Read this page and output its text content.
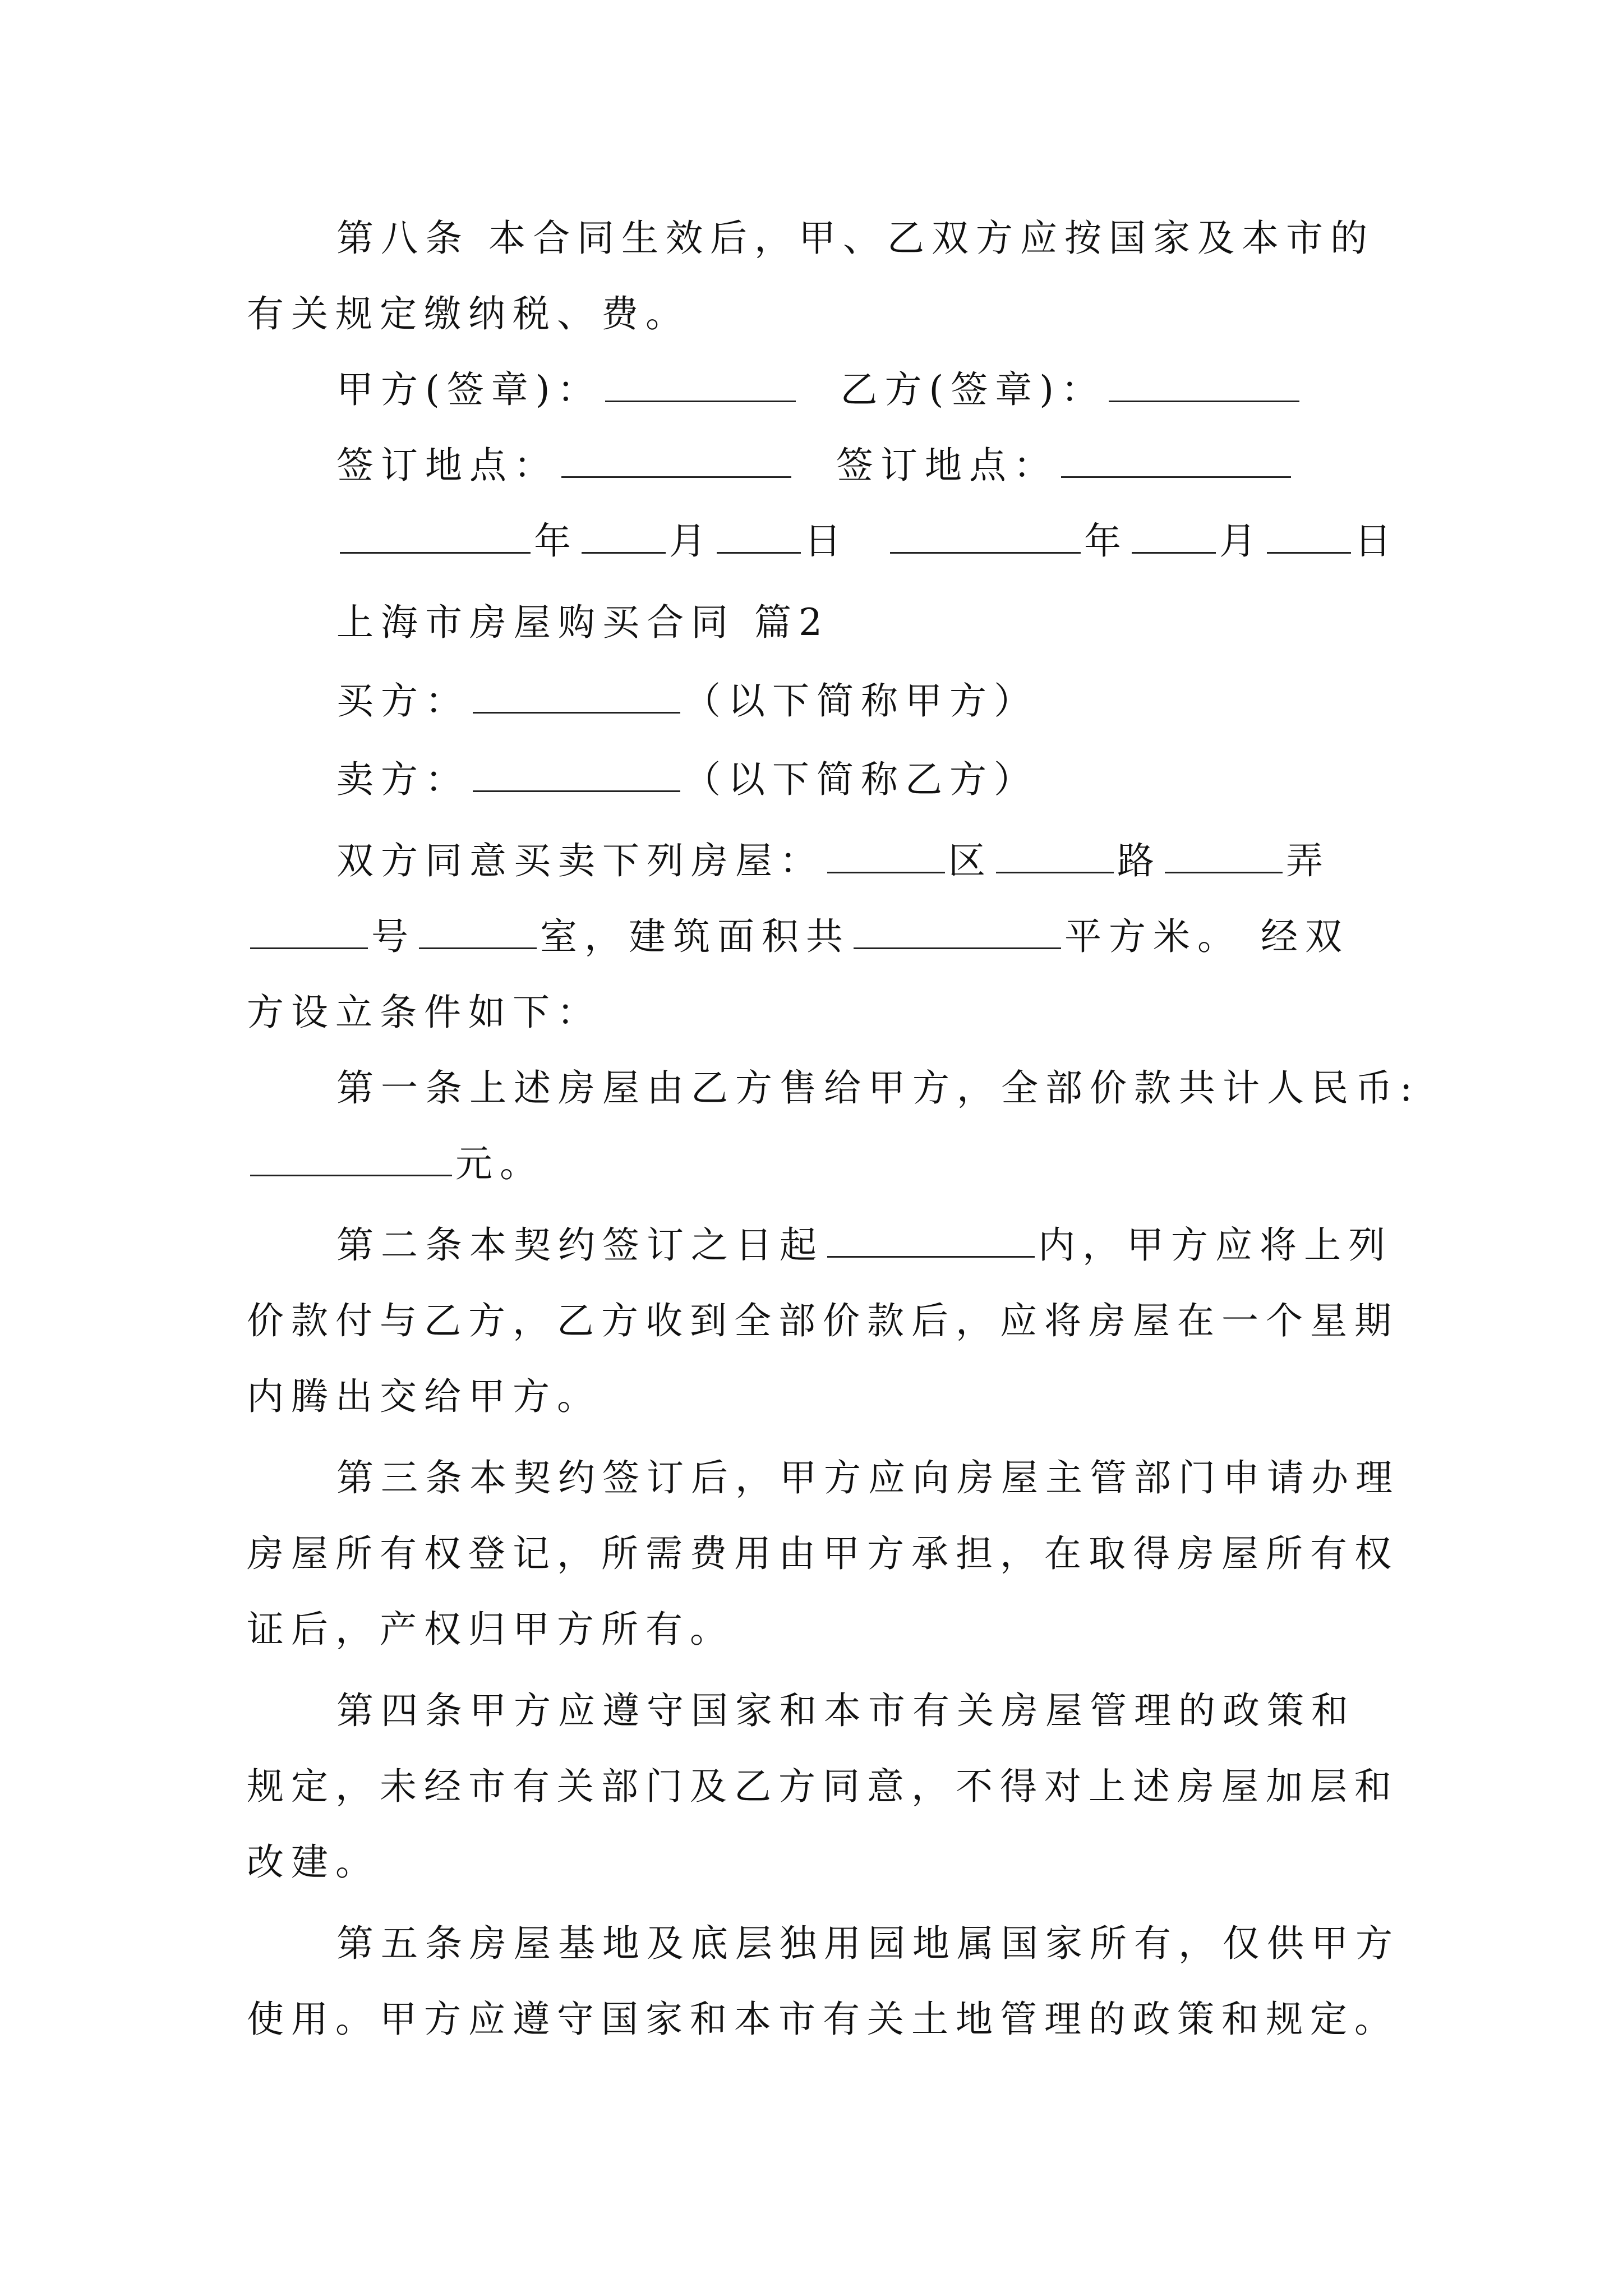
第八条 本合同生效后，甲、乙双方应按国家及本市的
有关规定缴纳税、费。
甲方(签章)：	乙方(签章)：
签订地点：	签订地点：
年 月 日	年 月 日
上海市房屋购买合同 篇2
买方：	（以下简称甲方）
卖方：	（以下简称乙方）
双方同意买卖下列房屋：	区	路	弄
号	室，建筑面积共	平方米。 经双
方设立条件如下：
第一条上述房屋由乙方售给甲方，全部价款共计人民币:
元。
第二条本契约签订之日起	内，甲方应将上列
价款付与乙方，乙方收到全部价款后，应将房屋在一个星期
内腾出交给甲方。
第三条本契约签订后，甲方应向房屋主管部门申请办理
房屋所有权登记，所需费用由甲方承担，在取得房屋所有权
证后，产权归甲方所有。
第四条甲方应遵守国家和本市有关房屋管理的政策和
规定，未经市有关部门及乙方同意，不得对上述房屋加层和
改建。
第五条房屋基地及底层独用园地属国家所有，仅供甲方
使用。甲方应遵守国家和本市有关土地管理的政策和规定。
